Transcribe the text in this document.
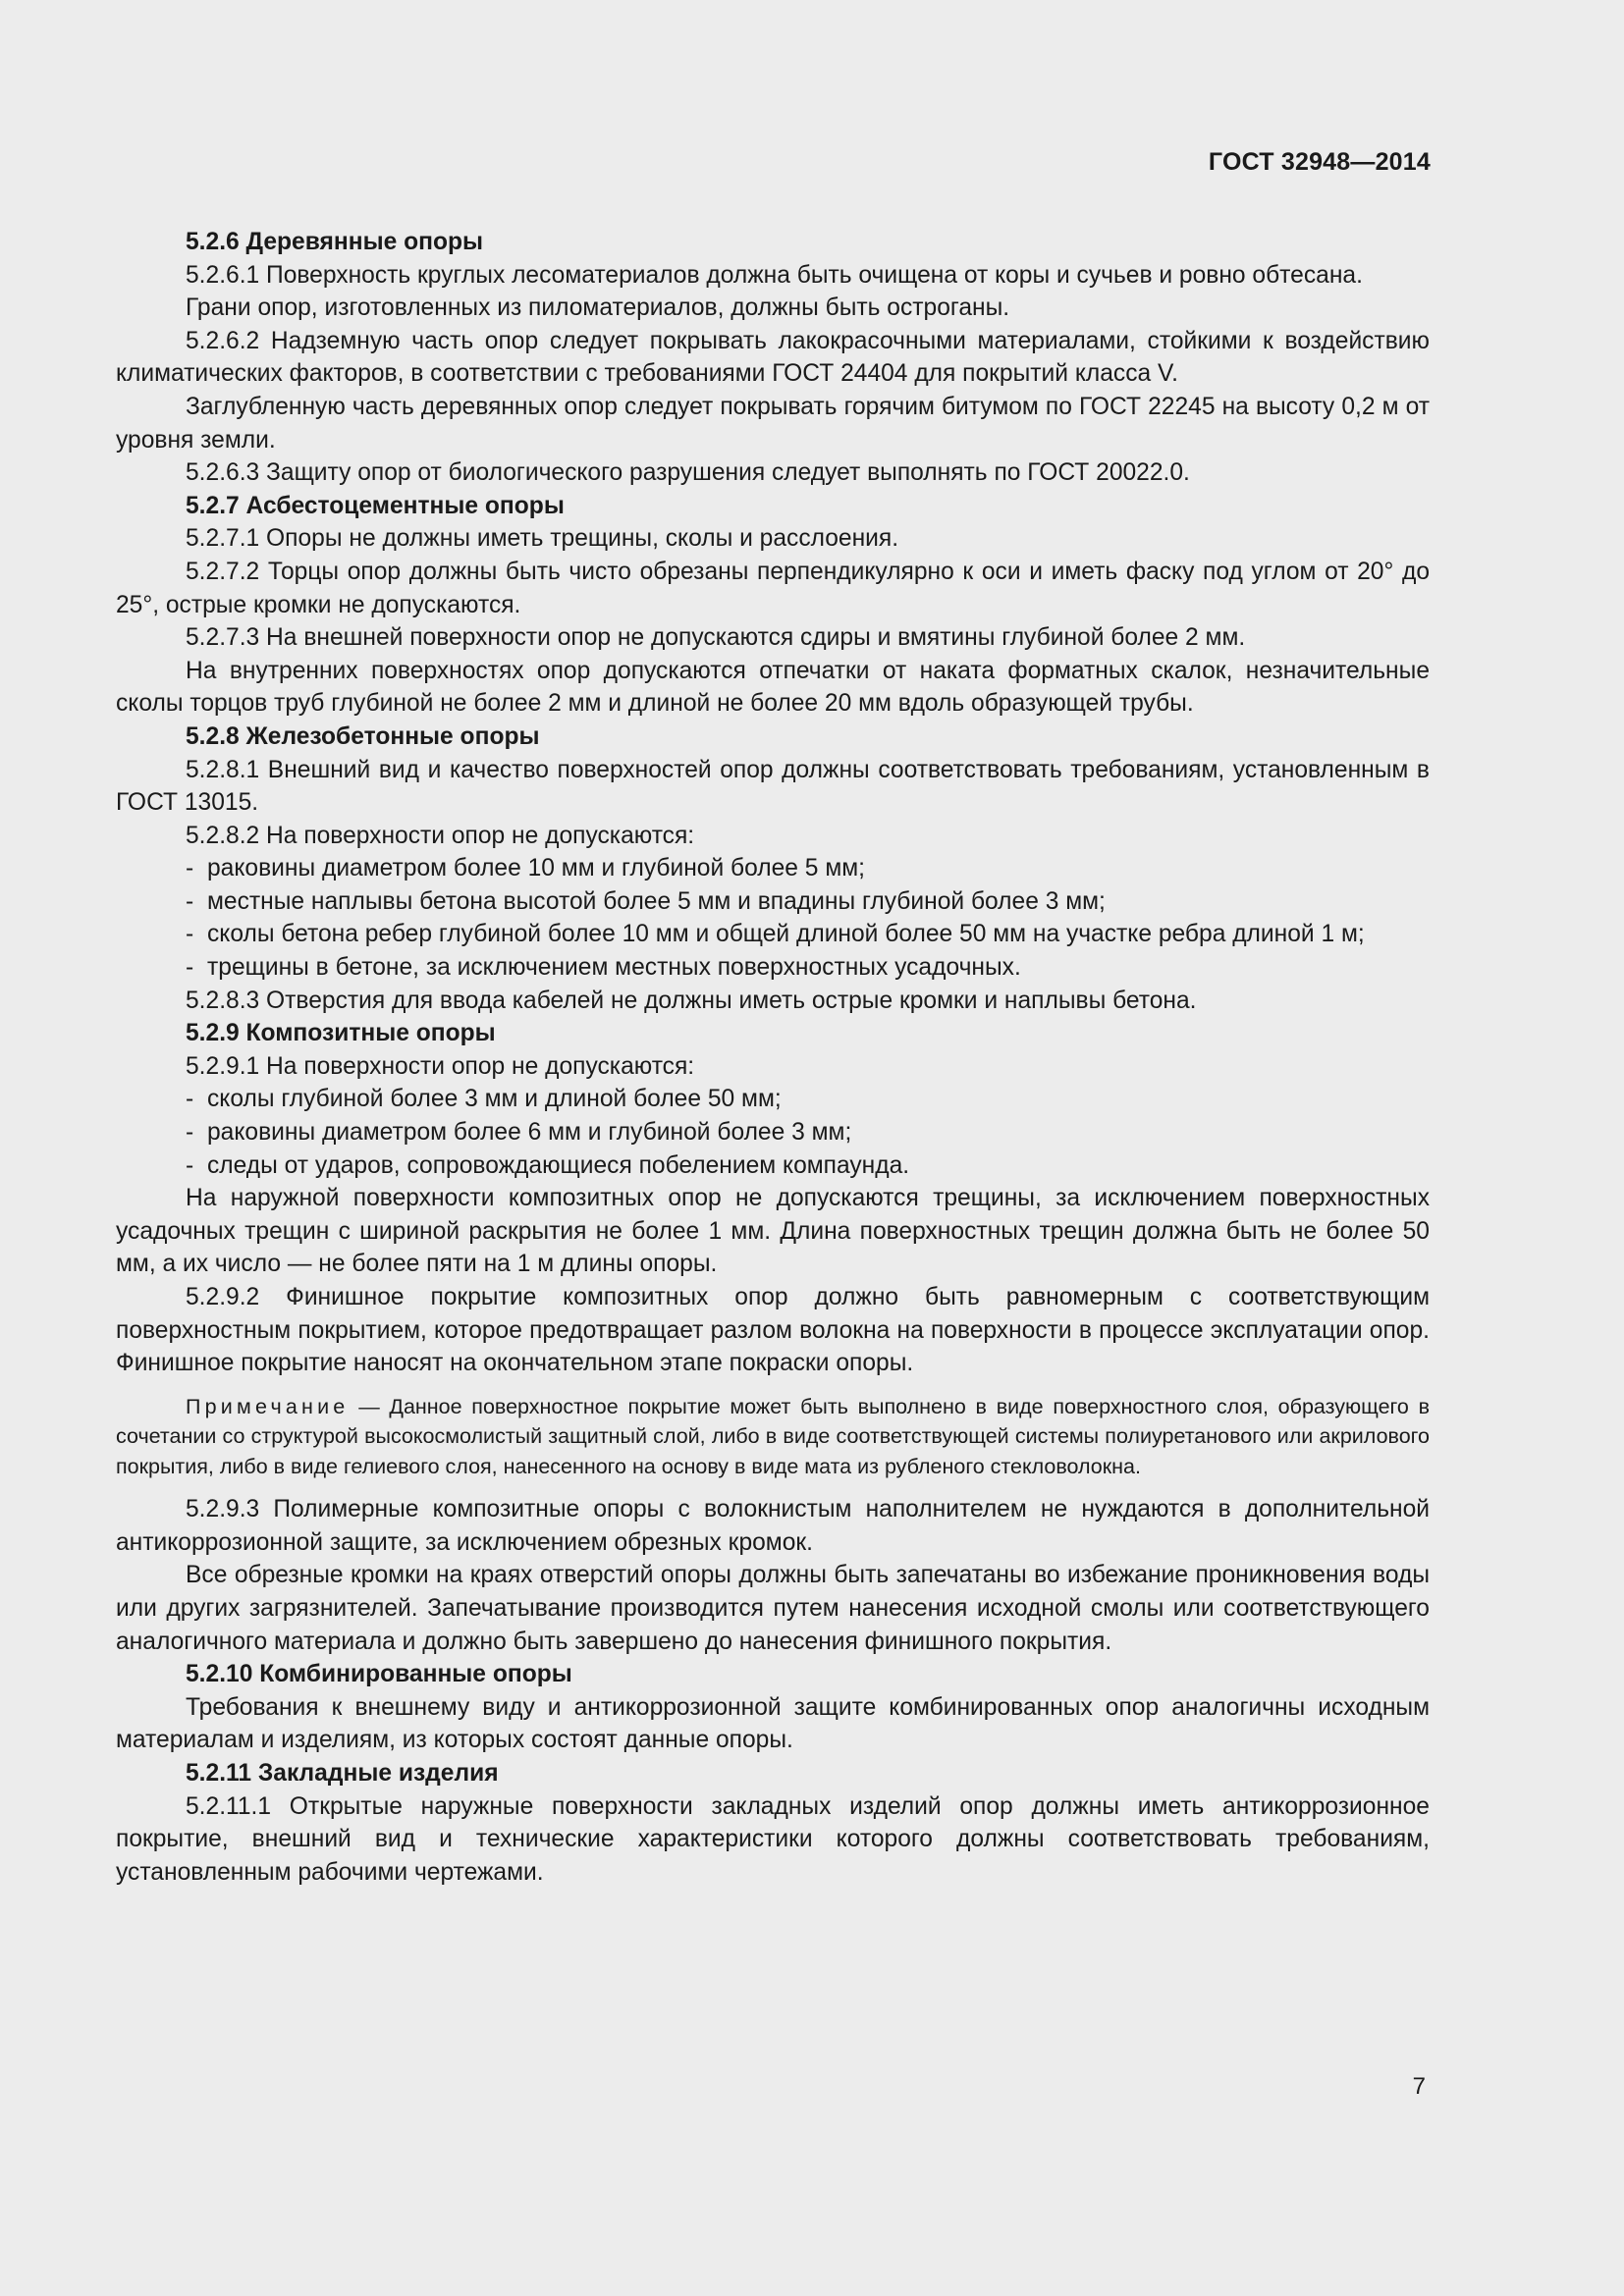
ГОСТ 32948—2014

5.2.6 Деревянные опоры

5.2.6.1 Поверхность круглых лесоматериалов должна быть очищена от коры и сучьев и ровно обтесана.

Грани опор, изготовленных из пиломатериалов, должны быть остроганы.

5.2.6.2 Надземную часть опор следует покрывать лакокрасочными материалами, стойкими к воздействию климатических факторов, в соответствии с требованиями ГОСТ 24404 для покрытий класса V.

Заглубленную часть деревянных опор следует покрывать горячим битумом по ГОСТ 22245 на высоту 0,2 м от уровня земли.

5.2.6.3 Защиту опор от биологического разрушения следует выполнять по ГОСТ 20022.0.

5.2.7 Асбестоцементные опоры

5.2.7.1 Опоры не должны иметь трещины, сколы и расслоения.

5.2.7.2 Торцы опор должны быть чисто обрезаны перпендикулярно к оси и иметь фаску под углом от 20° до 25°, острые кромки не допускаются.

5.2.7.3 На внешней поверхности опор не допускаются сдиры и вмятины глубиной более 2 мм.

На внутренних поверхностях опор допускаются отпечатки от наката форматных скалок, незначительные сколы торцов труб глубиной не более 2 мм и длиной не более 20 мм вдоль образующей трубы.

5.2.8 Железобетонные опоры

5.2.8.1 Внешний вид и качество поверхностей опор должны соответствовать требованиям, установленным в ГОСТ 13015.

5.2.8.2 На поверхности опор не допускаются:

- раковины диаметром более 10 мм и глубиной более 5 мм;

- местные наплывы бетона высотой более 5 мм и впадины глубиной более 3 мм;

- сколы бетона ребер глубиной более 10 мм и общей длиной более 50 мм на участке ребра длиной 1 м;

- трещины в бетоне, за исключением местных поверхностных усадочных.

5.2.8.3 Отверстия для ввода кабелей не должны иметь острые кромки и наплывы бетона.

5.2.9 Композитные опоры

5.2.9.1 На поверхности опор не допускаются:

- сколы глубиной более 3 мм и длиной более 50 мм;

- раковины диаметром более 6 мм и глубиной более 3 мм;

- следы от ударов, сопровождающиеся побелением компаунда.

На наружной поверхности композитных опор не допускаются трещины, за исключением поверхностных усадочных трещин с шириной раскрытия не более 1 мм. Длина поверхностных трещин должна быть не более 50 мм, а их число — не более пяти на 1 м длины опоры.

5.2.9.2 Финишное покрытие композитных опор должно быть равномерным с соответствующим поверхностным покрытием, которое предотвращает разлом волокна на поверхности в процессе эксплуатации опор. Финишное покрытие наносят на окончательном этапе покраски опоры.

Примечание — Данное поверхностное покрытие может быть выполнено в виде поверхностного слоя, образующего в сочетании со структурой высокосмолистый защитный слой, либо в виде соответствующей системы полиуретанового или акрилового покрытия, либо в виде гелиевого слоя, нанесенного на основу в виде мата из рубленого стекловолокна.

5.2.9.3 Полимерные композитные опоры с волокнистым наполнителем не нуждаются в дополнительной антикоррозионной защите, за исключением обрезных кромок.

Все обрезные кромки на краях отверстий опоры должны быть запечатаны во избежание проникновения воды или других загрязнителей. Запечатывание производится путем нанесения исходной смолы или соответствующего аналогичного материала и должно быть завершено до нанесения финишного покрытия.

5.2.10 Комбинированные опоры

Требования к внешнему виду и антикоррозионной защите комбинированных опор аналогичны исходным материалам и изделиям, из которых состоят данные опоры.

5.2.11 Закладные изделия

5.2.11.1 Открытые наружные поверхности закладных изделий опор должны иметь антикоррозионное покрытие, внешний вид и технические характеристики которого должны соответствовать требованиям, установленным рабочими чертежами.

7
